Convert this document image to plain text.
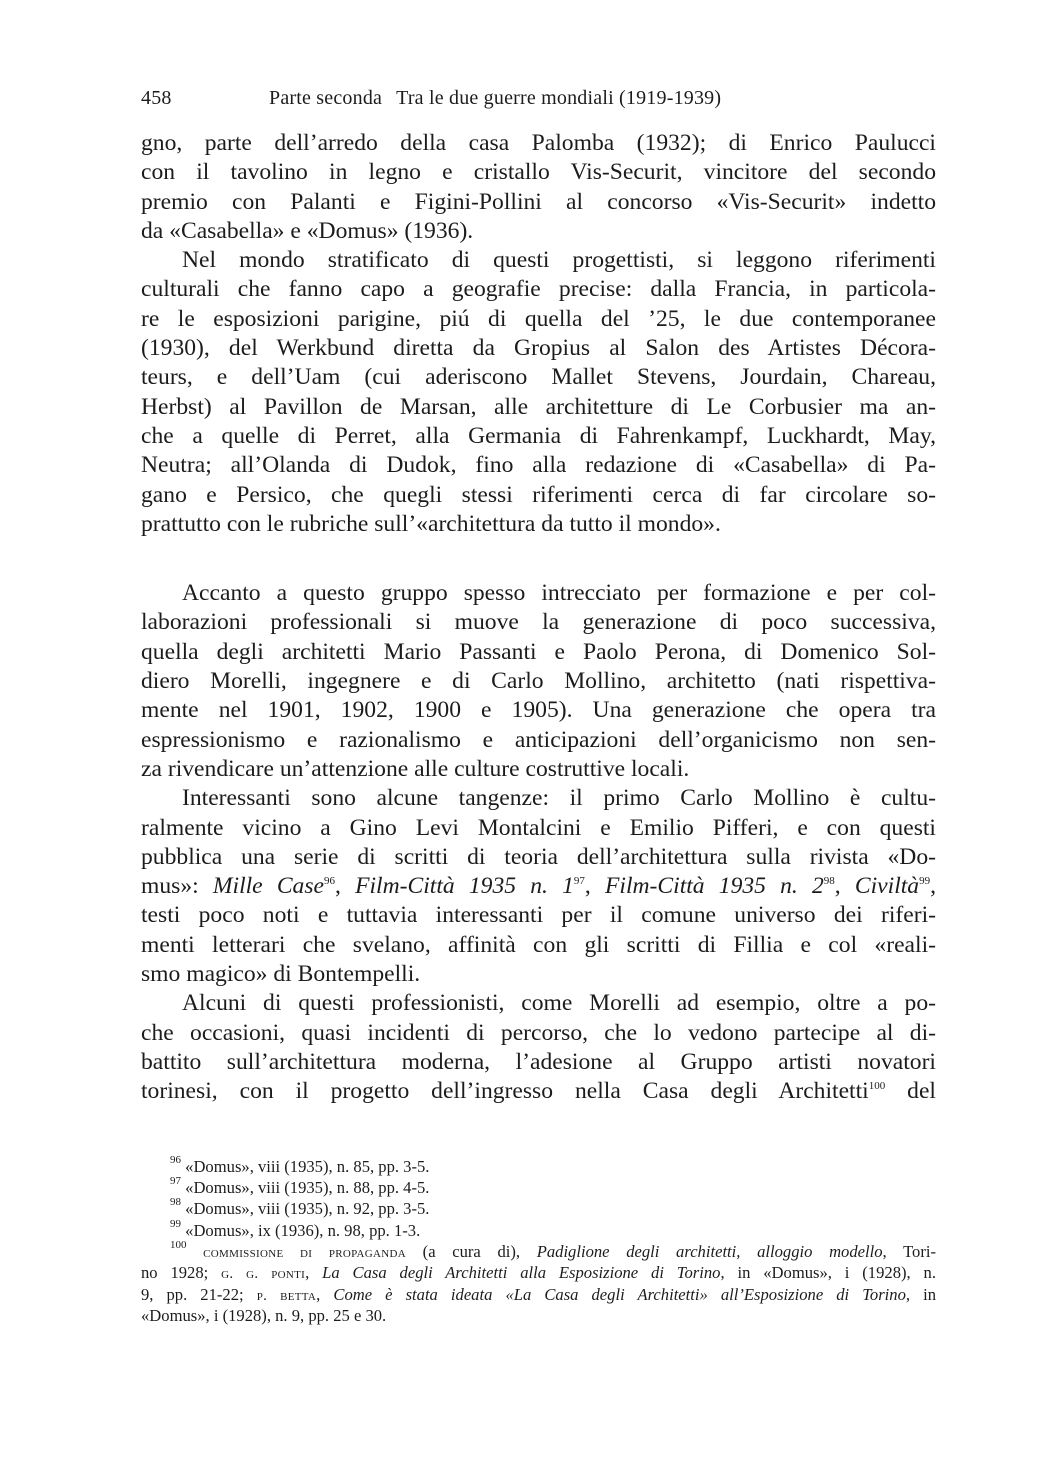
458	Parte seconda Tra le due guerre mondiali (1919-1939)

gno, parte dell’arredo della casa Palomba (1932); di Enrico Paulucci
con il tavolino in legno e cristallo Vis-Securit, vincitore del secondo
premio con Palanti e Figini-Pollini al concorso «Vis-Securit» indetto
da «Casabella» e «Domus» (1936).

Nel mondo stratificato di questi progettisti, si leggono riferimenti
culturali che fanno capo a geografie precise: dalla Francia, in particola-
re le esposizioni parigine, piú di quella del ’25, le due contemporanee
(1930), del Werkbund diretta da Gropius al Salon des Artistes Décora-
teurs, e dell’Uam (cui aderiscono Mallet Stevens, Jourdain, Chareau,
Herbst) al Pavillon de Marsan, alle architetture di Le Corbusier ma an-
che a quelle di Perret, alla Germania di Fahrenkampf, Luckhardt, May,
Neutra; all’Olanda di Dudok, fino alla redazione di «Casabella» di Pa-
gano e Persico, che quegli stessi riferimenti cerca di far circolare so-
prattutto con le rubriche sull’«architettura da tutto il mondo».

Accanto a questo gruppo spesso intrecciato per formazione e per col-
laborazioni professionali si muove la generazione di poco successiva,
quella degli architetti Mario Passanti e Paolo Perona, di Domenico Sol-
diero Morelli, ingegnere e di Carlo Mollino, architetto (nati rispettiva-
mente nel 1901, 1902, 1900 e 1905). Una generazione che opera tra
espressionismo e razionalismo e anticipazioni dell’organicismo non sen-
za rivendicare un’attenzione alle culture costruttive locali.

Interessanti sono alcune tangenze: il primo Carlo Mollino è cultu-
ralmente vicino a Gino Levi Montalcini e Emilio Pifferi, e con questi
pubblica una serie di scritti di teoria dell’architettura sulla rivista «Do-
mus»: Mille Case$^{96}$, Film-Città 1935 n. 1$^{97}$, Film-Città 1935 n. 2$^{98}$, Civiltà$^{99}$,
testi poco noti e tuttavia interessanti per il comune universo dei riferi-
menti letterari che svelano, affinità con gli scritti di Fillia e col «reali-
smo magico» di Bontempelli.

Alcuni di questi professionisti, come Morelli ad esempio, oltre a po-
che occasioni, quasi incidenti di percorso, che lo vedono partecipe al di-
battito sull’architettura moderna, l’adesione al Gruppo artisti novatori
torinesi, con il progetto dell’ingresso nella Casa degli Architetti$^{100}$ del

$^{96}$ «Domus», viii (1935), n. 85, pp. 3-5.
$^{97}$ «Domus», viii (1935), n. 88, pp. 4-5.
$^{98}$ «Domus», viii (1935), n. 92, pp. 3-5.
$^{99}$ «Domus», ix (1936), n. 98, pp. 1-3.
$^{100}$ commissione di propaganda (a cura di), Padiglione degli architetti, alloggio modello, Tori-
no 1928; g. g. ponti, La Casa degli Architetti alla Esposizione di Torino, in «Domus», i (1928), n.
9, pp. 21-22; p. betta, Come è stata ideata «La Casa degli Architetti» all’Esposizione di Torino, in
«Domus», i (1928), n. 9, pp. 25 e 30.
